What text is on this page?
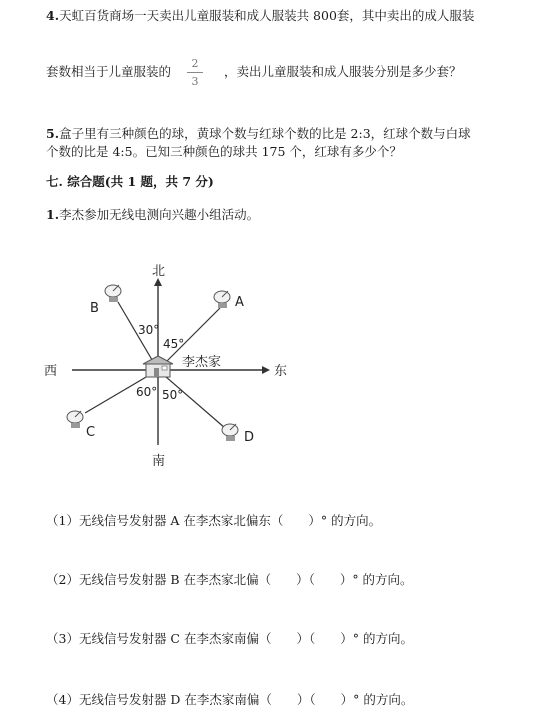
4.天虹百货商场一天卖出儿童服装和成人服装共 800套，其中卖出的成人服装
套数相当于儿童服装的
2
3
，卖出儿童服装和成人服装分别是多少套？
5.盒子里有三种颜色的球，黄球个数与红球个数的比是 2:3，红球个数与白球
个数的比是 4:5。已知三种颜色的球共 175 个，红球有多少个？
七. 综合题(共 1 题，共 7 分)
1.李杰参加无线电测向兴趣小组活动。
北
南
东
西
李杰家
B	A
C	D
30°
45°
60° 50°
（1）无线信号发射器 A 在李杰家北偏东（　　）° 的方向。
（2）无线信号发射器 B 在李杰家北偏（　　）（　　）° 的方向。
（3）无线信号发射器 C 在李杰家南偏（　　）（　　）° 的方向。
（4）无线信号发射器 D 在李杰家南偏（　　）（　　）° 的方向。
